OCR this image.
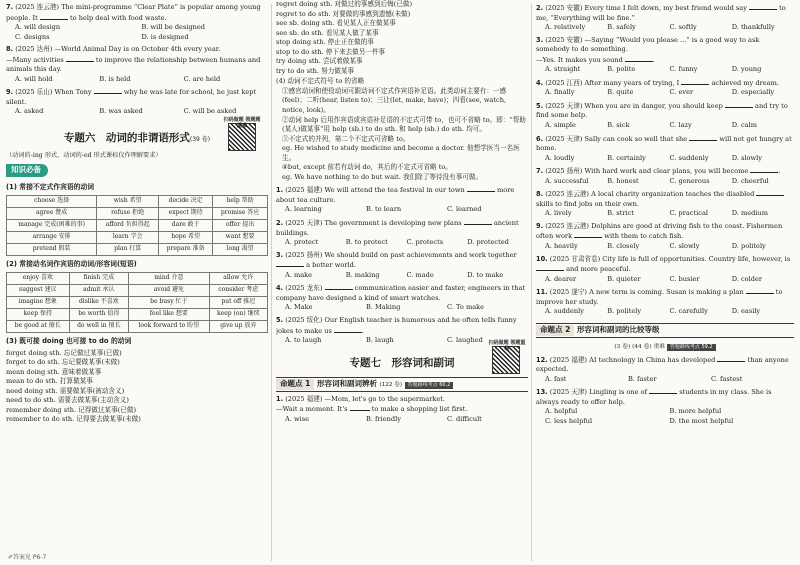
7. (2025 连云港) The mini-programme “Clear Plate” is popular among young people. It	to help deal with food waste.

A. will design	B. will be designed
C. designs	D. is designed

8. (2025 达州) —World Animal Day is on October 4th every year.

—Many activities	to improve the relationship between humans and animals this day.

A. will hold	B. is held	C. are held

9. (2025 乐山) When Tony	why he was late for school, he just kept silent.

A. asked	B. was asked	C. will be asked
专题六　动词的非谓语形式(39 卷)
扫码做题 领题题重难

（动词的-ing 形式、动词的-ed 形式课标仅作理解要求）

知识必备
(1) 常接不定式作宾语的动词
choose 选择	wish 希望	decide 决定	help 帮助
agree 赞成	refuse 拒绝	expect 期待	promise 答应
manage 完成(困难的事)	afford 负担得起	dare 敢于	offer 提出
arrange 安排	learn 学会	hope 希望	want 想要
pretend 假装	plan 打算	prepare 准备	long 渴望
(2) 常接动名词作宾语的动词/形容词(短语)
enjoy 喜欢	finish 完成	mind 介意	allow 允许
suggest 建议	admit 承认	avoid 避免	consider 考虑
imagine 想象	dislike 不喜欢	be busy 忙于	put off 推迟
keep 保持	be worth 值得	feel like 想要	keep (on) 继续
be good at 擅长	do well in 擅长	look forward to 盼望	give up 放弃
(3) 既可接 doing 也可接 to do 的动词

forget doing sth. 忘记做过某事(已做)

forget to do sth. 忘记要做某事(未做)

mean doing sth. 意味着做某事

mean to do sth. 打算做某事

need doing sth. 需要做某事(被动含义)

need to do sth. 需要去做某事(主动含义)

remember doing sth. 记得做过某事(已做)

remember to do sth. 记得要去做某事(未做)

✐答案见 P6-7

regret doing sth. 对做过的事感到后悔(已做)

regret to do sth. 对要做的事感到遗憾(未做)

see sb. doing sth. 看见某人正在做某事

see sb. do sth. 看见某人做了某事

stop doing sth. 停止正在做的事

stop to do sth. 停下来去做另一件事

try doing sth. 尝试着做某事

try to do sth. 努力做某事

(4) 动词不定式符号 to 的省略

①感官动词和使役动词可跟动词不定式作宾语补足语。此类动词主要有：一感(feel)；二听(hear, listen to)；三让(let, make, have)；四看(see, watch, notice, look)。

②动词 help 后用作宾语或宾语补足语的不定式可带 to，也可不省略 to。即：“帮助(某人)做某事”用 help (sb.) to do sth. 和 help (sb.) do sth. 均可。

③不定式的并列，第二个不定式可省略 to。

eg. He wished to study medicine and become a doctor. 他想学医当一名医生。

④but, except 前若有动词 do，其后的不定式可省略 to。

eg. We have nothing to do but wait. 我们除了等待没有事可做。

1. (2025 福建) We will attend the tea festival in our town	more about tea culture.

A. learning	B. to learn	C. learned

2. (2025 天津) The government is developing new plans	ancient buildings.

A. protect	B. to protect	C. protects	D. protected

3. (2025 扬州) We should build on past achievements and work together  a better world.

A. make	B. making	C. made	D. to make

4. (2025 龙东)	communication easier and faster, engineers in that company have designed a kind of smart watches.

A. Make	B. Making	C. To make

5. (2025 绥化) Our English teacher is humorous and he often tells funny jokes to make us	.

A. to laugh	B. laugh	C. laughed
专题七　形容词和副词
扫码做题 领题重练
命题点 1 形容词和副词辨析 (122 卷) 答题路线考点 60.2

1. (2025 福建) —Mom, let's go to the supermarket.

—Wait a moment. It's	to make a shopping list first.

A. wise	B. friendly	C. difficult

2. (2025 安徽) Every time I felt down, my best friend would say	to me, “Everything will be fine.”

A. relatively	B. safely	C. softly	D. thankfully

3. (2025 安徽) —Saying “Would you please ...” is a good way to ask somebody to do something.

—Yes. It makes you sound	.

A. straight	B. polite	C. funny	D. young

4. (2025 江西) After many years of trying, I	achieved my dream.

A. finally	B. quite	C. ever	D. especially

5. (2025 天津) When you are in danger, you should keep	and try to find some help.

A. simple	B. sick	C. lazy	D. calm

6. (2025 天津) Sally can cook so well that she	will not get hungry at home.

A. loudly	B. certainly	C. suddenly	D. slowly

7. (2025 扬州) With hard work and clear plans, you will become	.

A. successful	B. honest	C. generous	D. cheerful

8. (2025 连云港) A local charity organization teaches the disabled  skills to find jobs on their own.

A. lively	B. strict	C. practical	D. medium

9. (2025 连云港) Dolphins are good at driving fish to the coast. Fishermen often work	with them to catch fish.

A. heavily	B. closely	C. slowly	D. politely

10. (2025 甘肃省卷) City life is full of opportunities. Country life, however, is  and more peaceful.

A. dearer	B. quieter	C. busier	D. colder

11. (2025 遂宁) A new term is coming. Susan is making a plan	to improve her study.

A. suddenly	B. politely	C. carefully	D. easily
命题点 2 形容词和副词的比较等级

(3 卷) (44 卷) 重难 答题路线考点 59.2

12. (2025 福建) AI technology in China has developed	than anyone expected.

A. fast	B. faster	C. fastest

13. (2025 天津) Lingling is one of	students in my class. She is always ready to offer help.

A. helpful	B. more helpful
C. less helpful	D. the most helpful
